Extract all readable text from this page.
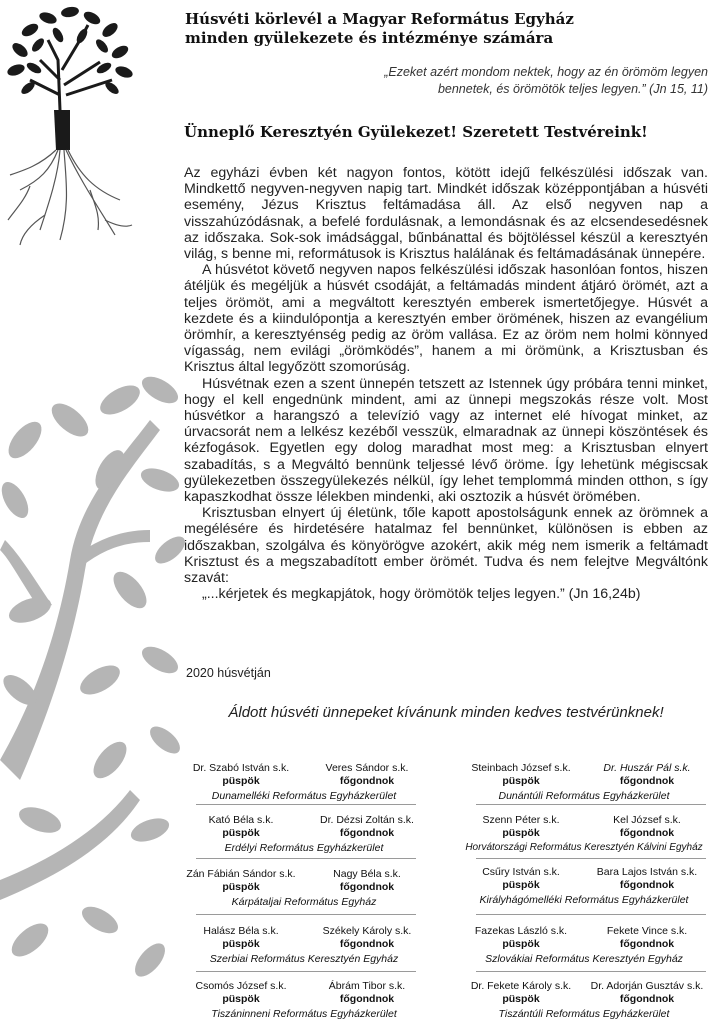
Húsvéti körlevél a Magyar Református Egyház
minden gyülekezete és intézménye számára
„Ezeket azért mondom nektek, hogy az én örömöm legyen
bennetek, és örömötök teljes legyen.” (Jn 15, 11)
Ünneplő Keresztyén Gyülekezet! Szeretett Testvéreink!

Az egyházi évben két nagyon fontos, kötött idejű felkészülési időszak van. Mindkettő negyven-negyven napig tart. Mindkét időszak középpontjában a húsvéti esemény, Jézus Krisztus feltámadása áll. Az első negyven nap a visszahúzódásnak, a befelé fordulásnak, a lemondásnak és az elcsendesedésnek az időszaka. Sok-sok imádsággal, bűnbánattal és böjtöléssel készül a keresztyén világ, s benne mi, reformátusok is Krisztus halálának és feltámadásának ünnepére.

A húsvétot követő negyven napos felkészülési időszak hasonlóan fontos, hiszen átéljük és megéljük a húsvét csodáját, a feltámadás mindent átjáró örömét, azt a teljes örömöt, ami a megváltott keresztyén emberek ismertetőjegye. Húsvét a kezdete és a kiindulópontja a keresztyén ember örömének, hiszen az evangélium örömhír, a keresztyénség pedig az öröm vallása. Ez az öröm nem holmi könnyed vígasság, nem evilági „örömködés”, hanem a mi örömünk, a Krisztusban és Krisztus által legyőzött szomorúság.

Húsvétnak ezen a szent ünnepén tetszett az Istennek úgy próbára tenni minket, hogy el kell engednünk mindent, ami az ünnepi megszokás része volt. Most húsvétkor a harangszó a televízió vagy az internet elé hívogat minket, az úrvacsorát nem a lelkész kezéből vesszük, elmaradnak az ünnepi köszöntések és kézfogások. Egyetlen egy dolog maradhat most meg: a Krisztusban elnyert szabadítás, s a Megváltó bennünk teljessé lévő öröme. Így lehetünk mégiscsak gyülekezetben összegyülekezés nélkül, így lehet templommá minden otthon, s így kapaszkodhat össze lélekben mindenki, aki osztozik a húsvét örömében.

Krisztusban elnyert új életünk, tőle kapott apostolságunk ennek az örömnek a megélésére és hirdetésére hatalmaz fel bennünket, különösen is ebben az időszakban, szolgálva és könyörögve azokért, akik még nem ismerik a feltámadt Krisztust és a megszabadított ember örömét. Tudva és nem felejtve Megváltónk szavát:

„...kérjetek és megkapjátok, hogy örömötök teljes legyen.” (Jn 16,24b)

2020 húsvétján
Áldott húsvéti ünnepeket kívánunk minden kedves testvérünknek!
Dr. Szabó István s.k.	Veres Sándor s.k.
püspök	főgondnok
Dunamelléki Református Egyházkerület
Steinbach József s.k.	Dr. Huszár Pál s.k.
püspök	főgondnok
Dunántúli Református Egyházkerület
Kató Béla s.k.	Dr. Dézsi Zoltán s.k.
püspök	főgondnok
Erdélyi Református Egyházkerület
Szenn Péter s.k.	Kel József s.k.
püspök	főgondnok
Horvátországi Református Keresztyén Kálvini Egyház
Zán Fábián Sándor s.k.	Nagy Béla s.k.
püspök	főgondnok
Kárpátaljai Református Egyház
Csűry István s.k.	Bara Lajos István s.k.
püspök	főgondnok
Királyhágómelléki Református Egyházkerület
Halász Béla s.k.	Székely Károly s.k.
püspök	főgondnok
Szerbiai Református Keresztyén Egyház
Fazekas László s.k.	Fekete Vince s.k.
püspök	főgondnok
Szlovákiai Református Keresztyén Egyház
Csomós József s.k.	Ábrám Tibor s.k.
püspök	főgondnok
Tiszáninneni Református Egyházkerület
Dr. Fekete Károly s.k.	Dr. Adorján Gusztáv s.k.
püspök	főgondnok
Tiszántúli Református Egyházkerület
